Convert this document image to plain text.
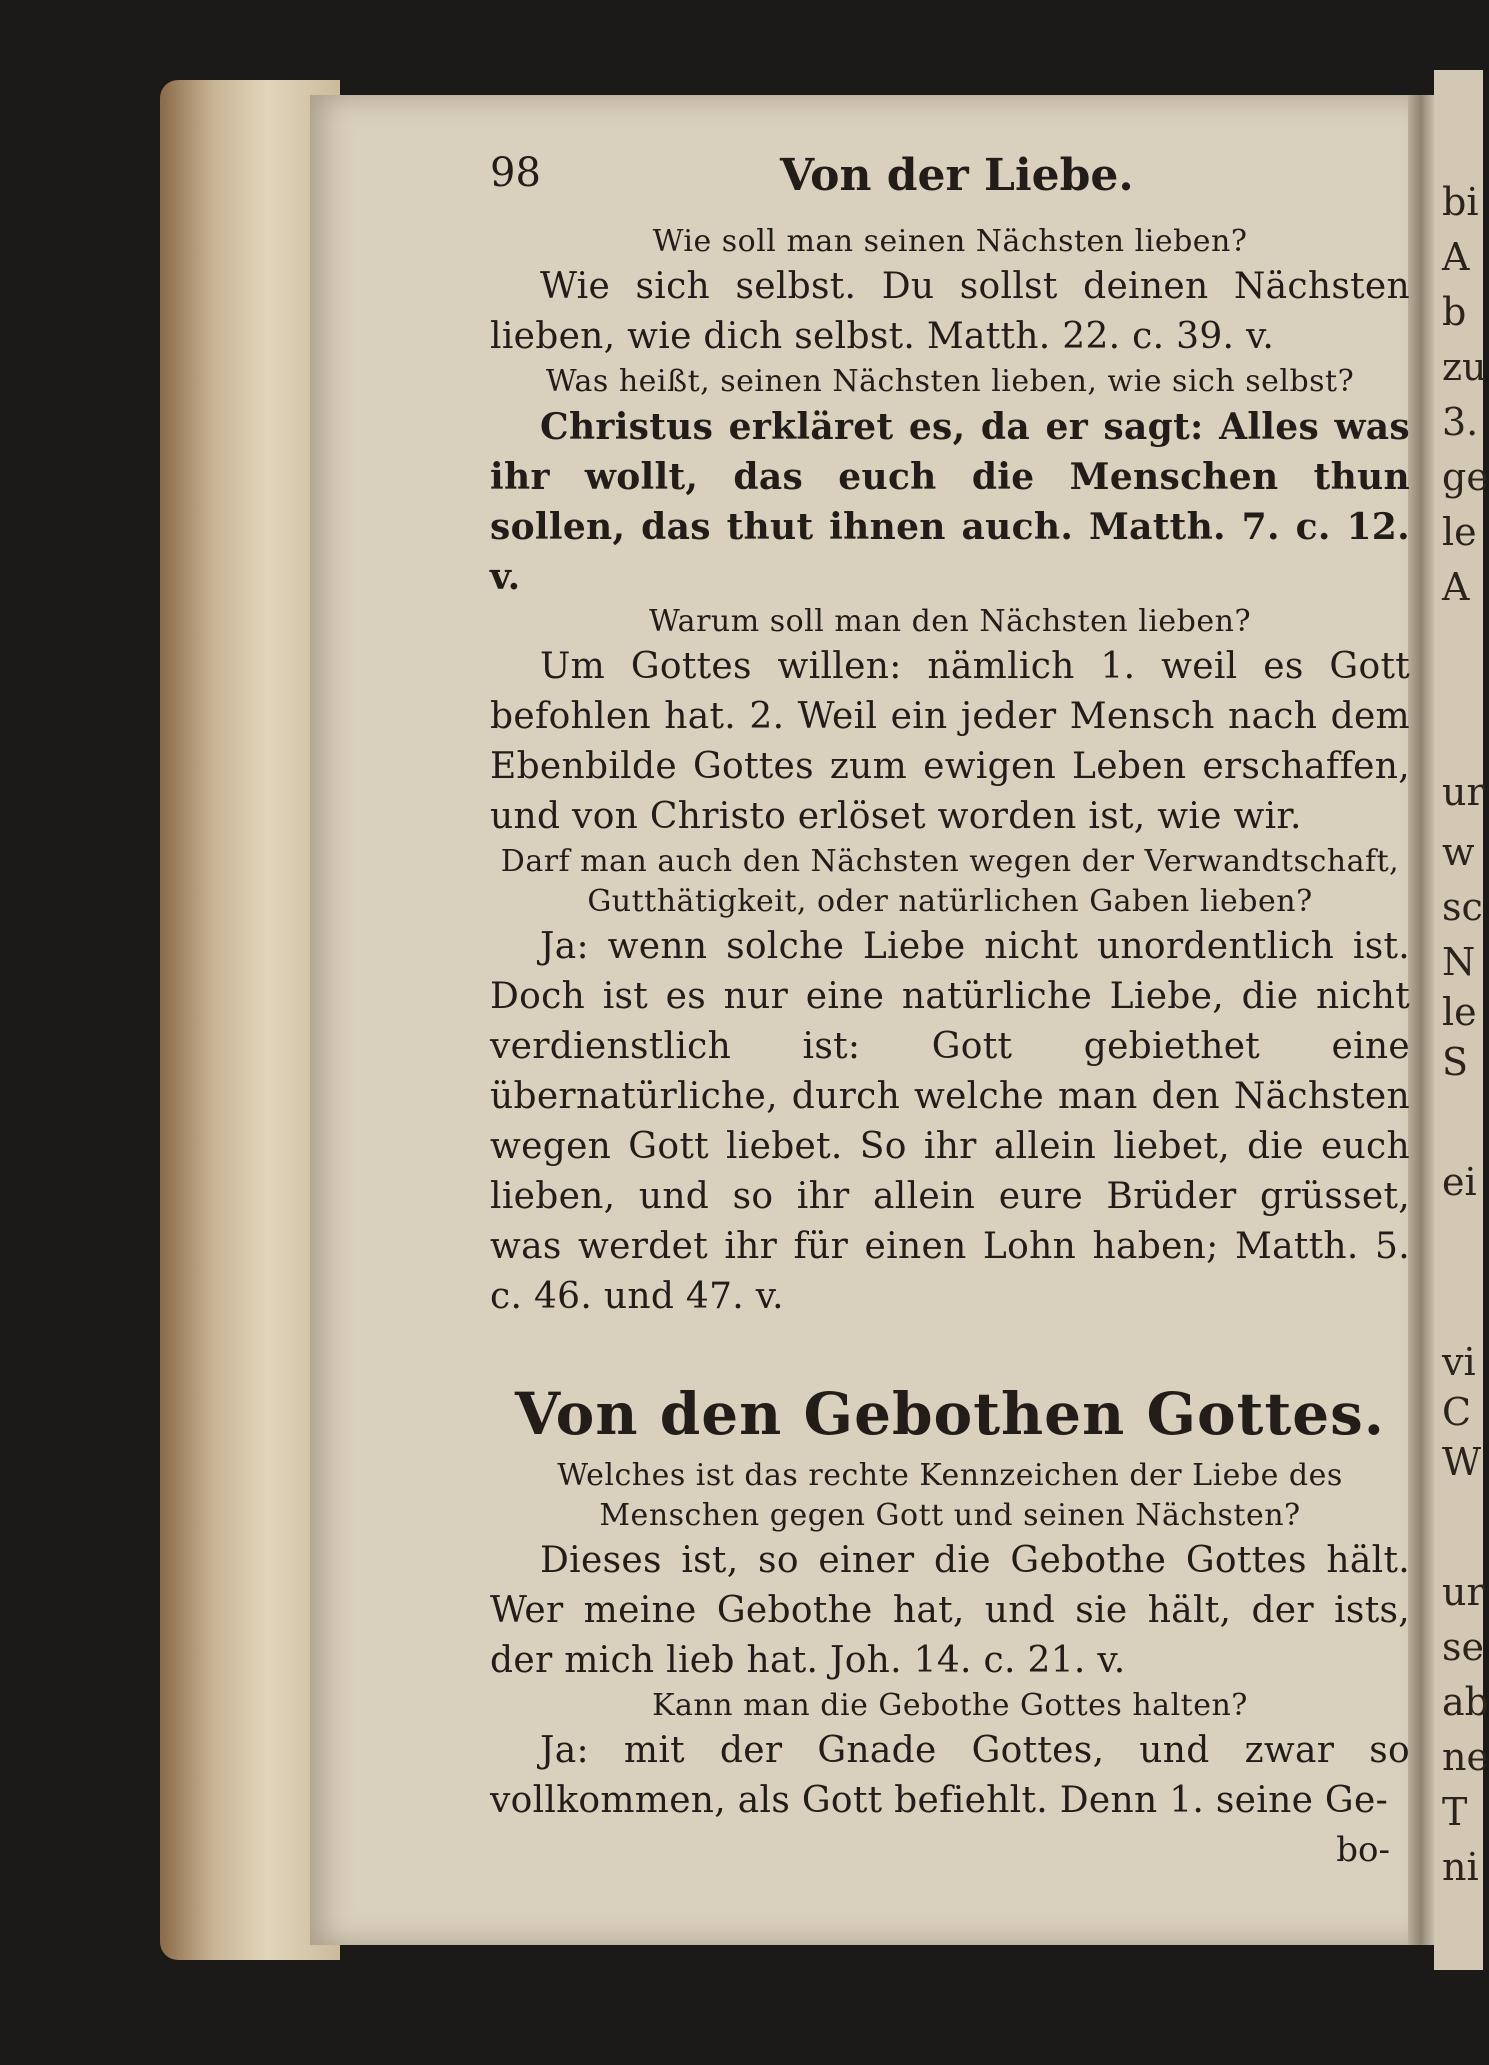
bi
A
b
zu
3.
ge
le
A
ur
w
sc
N
le
S
ei
vi
C
W
ur
se
ab
ne
T
ni
98	Von der Liebe.
Wie soll man seinen Nächsten lieben?
Wie sich selbst. Du sollst deinen Nächsten lieben, wie dich selbst. Matth. 22. c. 39. v.
Was heißt, seinen Nächsten lieben, wie sich selbst?
Christus erkläret es, da er sagt: Alles was ihr wollt, das euch die Menschen thun sollen, das thut ihnen auch. Matth. 7. c. 12. v.
Warum soll man den Nächsten lieben?
Um Gottes willen: nämlich 1. weil es Gott befohlen hat. 2. Weil ein jeder Mensch nach dem Ebenbilde Gottes zum ewigen Leben erschaffen, und von Christo erlöset worden ist, wie wir.
Darf man auch den Nächsten wegen der Verwandtschaft, Gutthätigkeit, oder natürlichen Gaben lieben?
Ja: wenn solche Liebe nicht unordentlich ist. Doch ist es nur eine natürliche Liebe, die nicht verdienstlich ist: Gott gebiethet eine übernatürliche, durch welche man den Nächsten wegen Gott liebet. So ihr allein liebet, die euch lieben, und so ihr allein eure Brüder grüsset, was werdet ihr für einen Lohn haben; Matth. 5. c. 46. und 47. v.
Von den Gebothen Gottes.
Welches ist das rechte Kennzeichen der Liebe des Menschen gegen Gott und seinen Nächsten?
Dieses ist, so einer die Gebothe Gottes hält. Wer meine Gebothe hat, und sie hält, der ists, der mich lieb hat. Joh. 14. c. 21. v.
Kann man die Gebothe Gottes halten?
Ja: mit der Gnade Gottes, und zwar so vollkommen, als Gott befiehlt. Denn 1. seine Ge-
bo-
